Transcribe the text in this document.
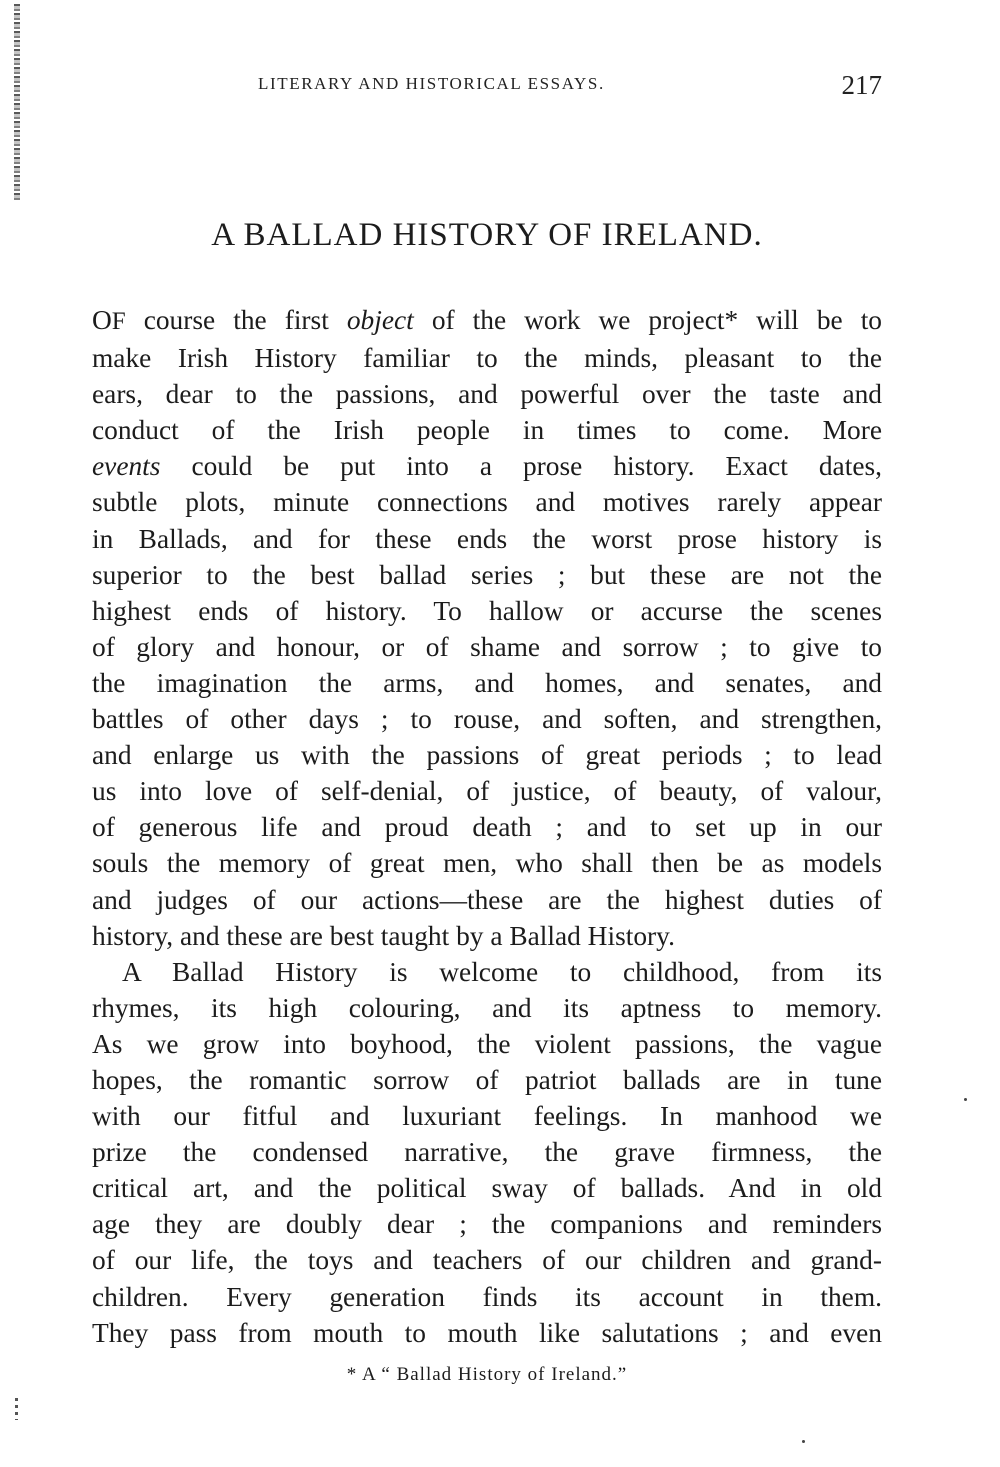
LITERARY AND HISTORICAL ESSAYS.	217
A BALLAD HISTORY OF IRELAND.
OF course the first object of the work we project* will be to
make Irish History familiar to the minds, pleasant to the
ears, dear to the passions, and powerful over the taste and
conduct of the Irish people in times to come. More
events could be put into a prose history. Exact dates,
subtle plots, minute connections and motives rarely appear
in Ballads, and for these ends the worst prose history is
superior to the best ballad series ; but these are not the
highest ends of history. To hallow or accurse the scenes
of glory and honour, or of shame and sorrow ; to give to
the imagination the arms, and homes, and senates, and
battles of other days ; to rouse, and soften, and strengthen,
and enlarge us with the passions of great periods ; to lead
us into love of self-denial, of justice, of beauty, of valour,
of generous life and proud death ; and to set up in our
souls the memory of great men, who shall then be as models
and judges of our actions—these are the highest duties of
history, and these are best taught by a Ballad History.
A Ballad History is welcome to childhood, from its
rhymes, its high colouring, and its aptness to memory.
As we grow into boyhood, the violent passions, the vague
hopes, the romantic sorrow of patriot ballads are in tune
with our fitful and luxuriant feelings. In manhood we
prize the condensed narrative, the grave firmness, the
critical art, and the political sway of ballads. And in old
age they are doubly dear ; the companions and reminders
of our life, the toys and teachers of our children and grand-
children. Every generation finds its account in them.
They pass from mouth to mouth like salutations ; and even
* A “ Ballad History of Ireland.”
